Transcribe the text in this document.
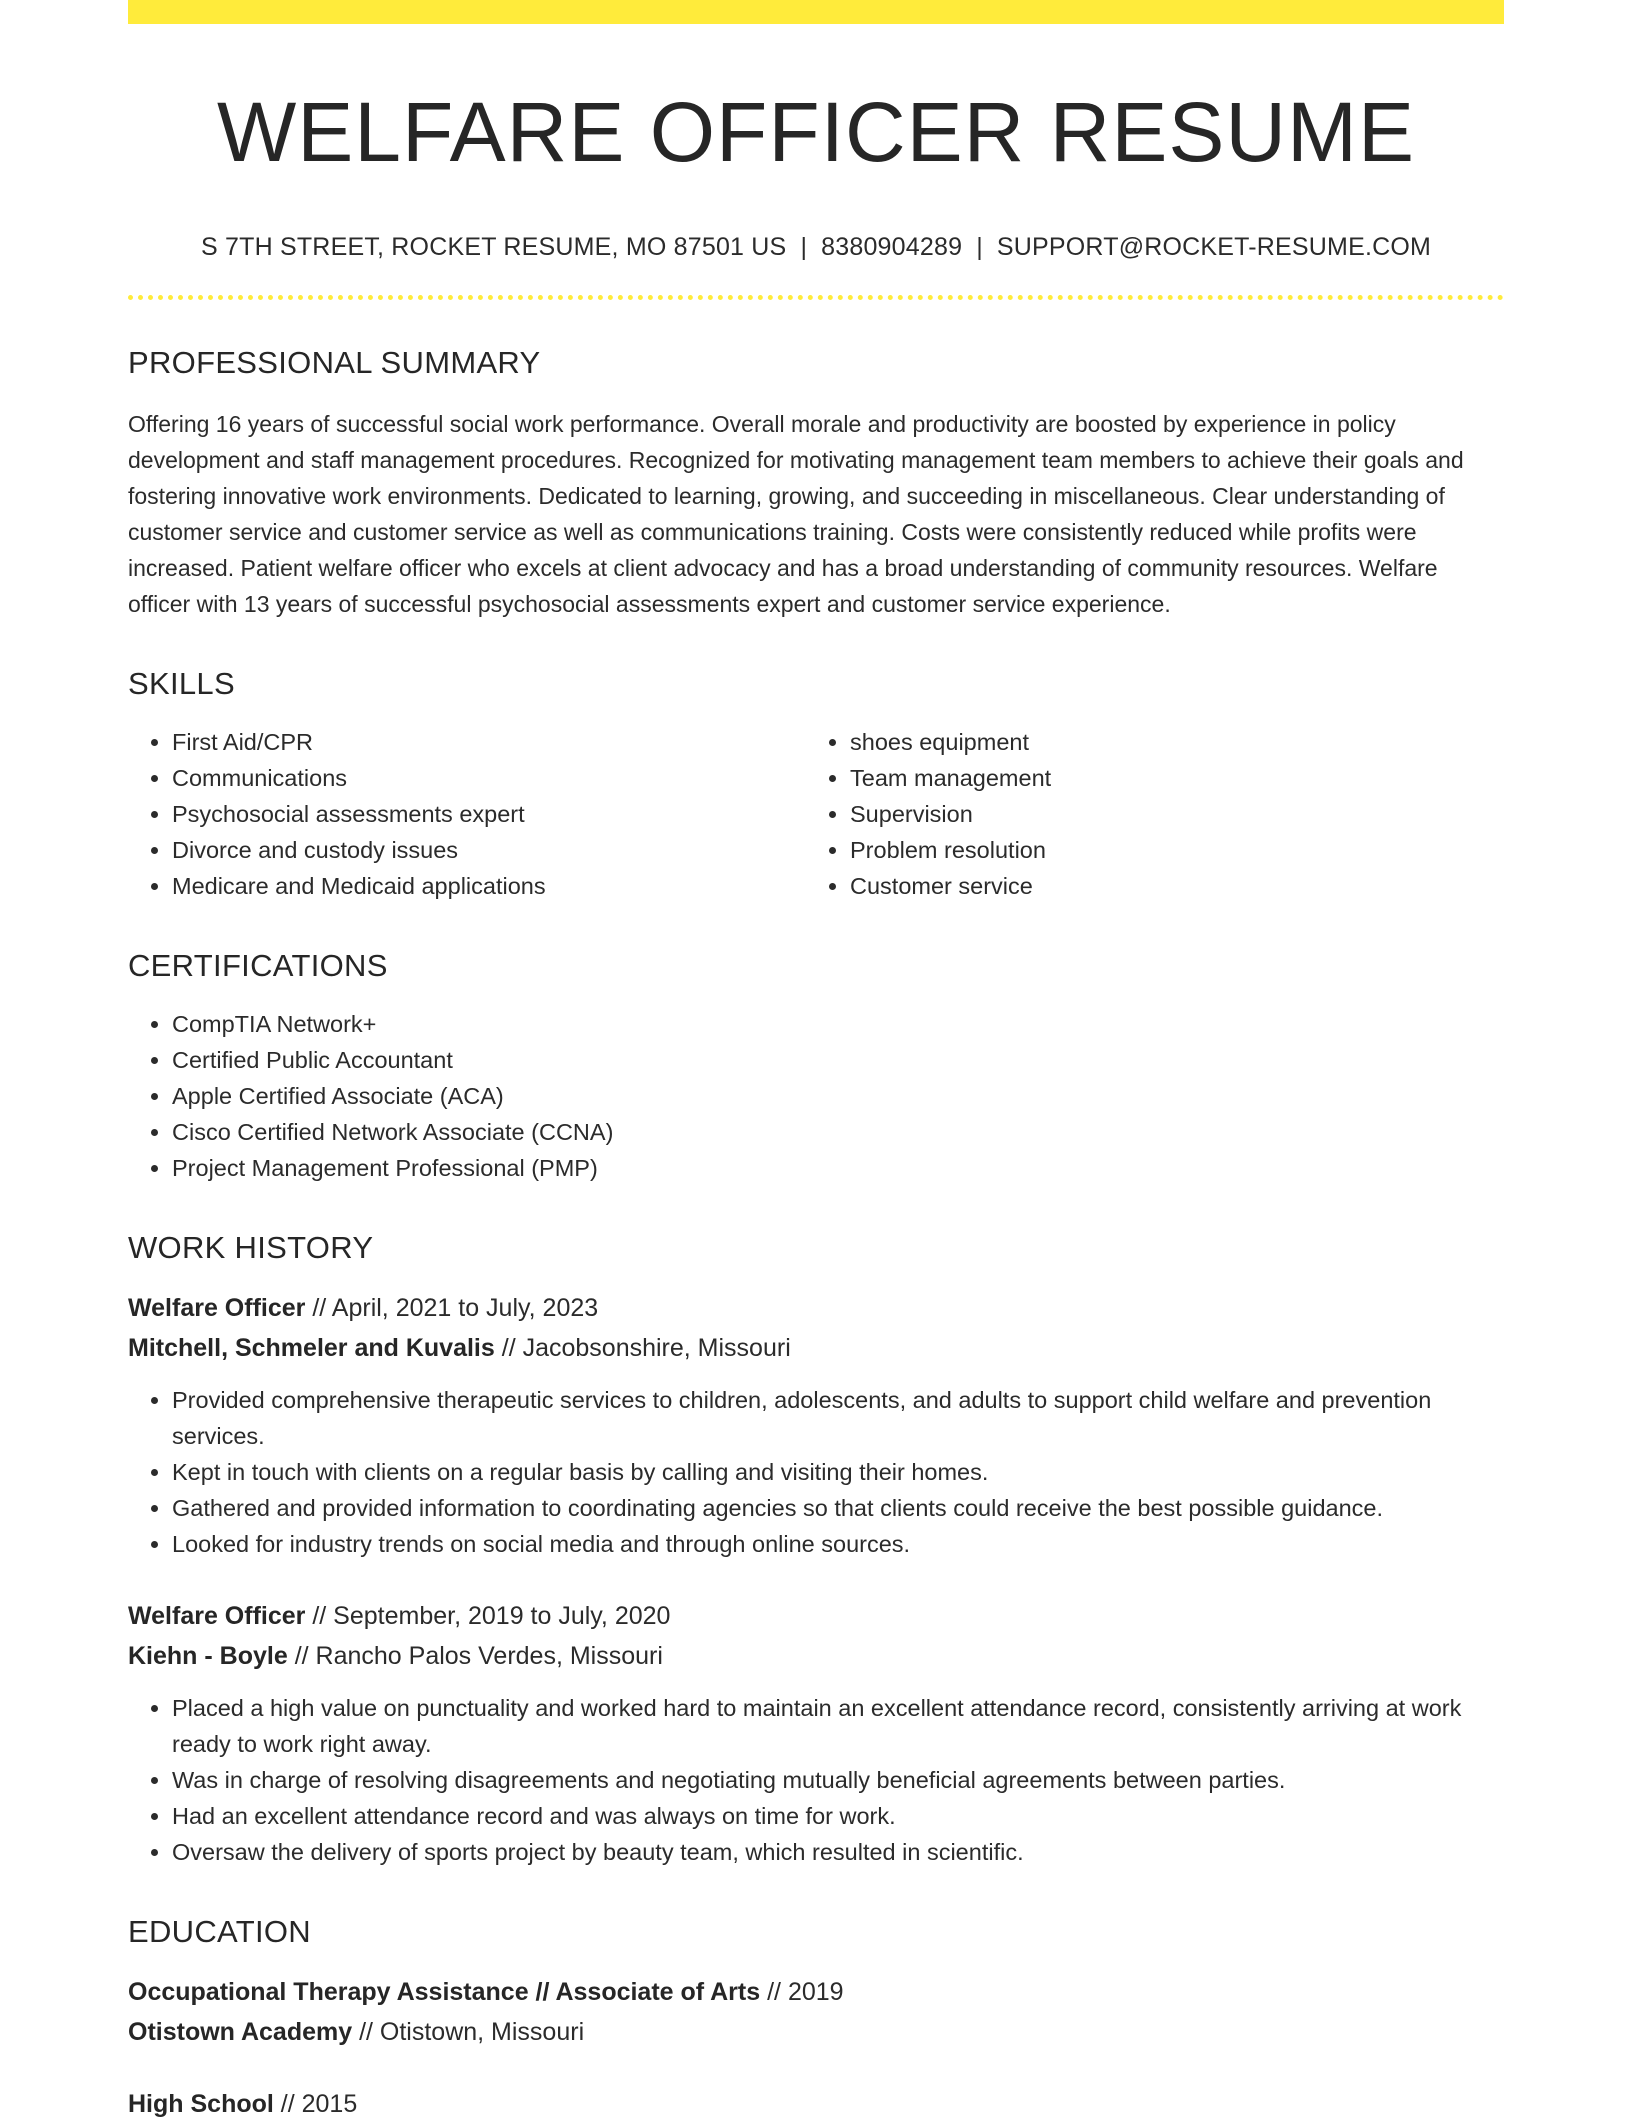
WELFARE OFFICER RESUME
S 7TH STREET, ROCKET RESUME, MO 87501 US | 8380904289 | SUPPORT@ROCKET-RESUME.COM
PROFESSIONAL SUMMARY

Offering 16 years of successful social work performance. Overall morale and productivity are boosted by experience in policy development and staff management procedures. Recognized for motivating management team members to achieve their goals and fostering innovative work environments. Dedicated to learning, growing, and succeeding in miscellaneous. Clear understanding of customer service and customer service as well as communications training. Costs were consistently reduced while profits were increased. Patient welfare officer who excels at client advocacy and has a broad understanding of community resources. Welfare officer with 13 years of successful psychosocial assessments expert and customer service experience.

SKILLS
• First Aid/CPR
• Communications
• Psychosocial assessments expert
• Divorce and custody issues
• Medicare and Medicaid applications
• shoes equipment
• Team management
• Supervision
• Problem resolution
• Customer service
CERTIFICATIONS
• CompTIA Network+
• Certified Public Accountant
• Apple Certified Associate (ACA)
• Cisco Certified Network Associate (CCNA)
• Project Management Professional (PMP)
WORK HISTORY
Welfare Officer // April, 2021 to July, 2023
Mitchell, Schmeler and Kuvalis // Jacobsonshire, Missouri
• Provided comprehensive therapeutic services to children, adolescents, and adults to support child welfare and prevention services.
• Kept in touch with clients on a regular basis by calling and visiting their homes.
• Gathered and provided information to coordinating agencies so that clients could receive the best possible guidance.
• Looked for industry trends on social media and through online sources.
Welfare Officer // September, 2019 to July, 2020
Kiehn - Boyle // Rancho Palos Verdes, Missouri
• Placed a high value on punctuality and worked hard to maintain an excellent attendance record, consistently arriving at work ready to work right away.
• Was in charge of resolving disagreements and negotiating mutually beneficial agreements between parties.
• Had an excellent attendance record and was always on time for work.
• Oversaw the delivery of sports project by beauty team, which resulted in scientific.
EDUCATION
Occupational Therapy Assistance // Associate of Arts // 2019
Otistown Academy // Otistown, Missouri
High School // 2015
